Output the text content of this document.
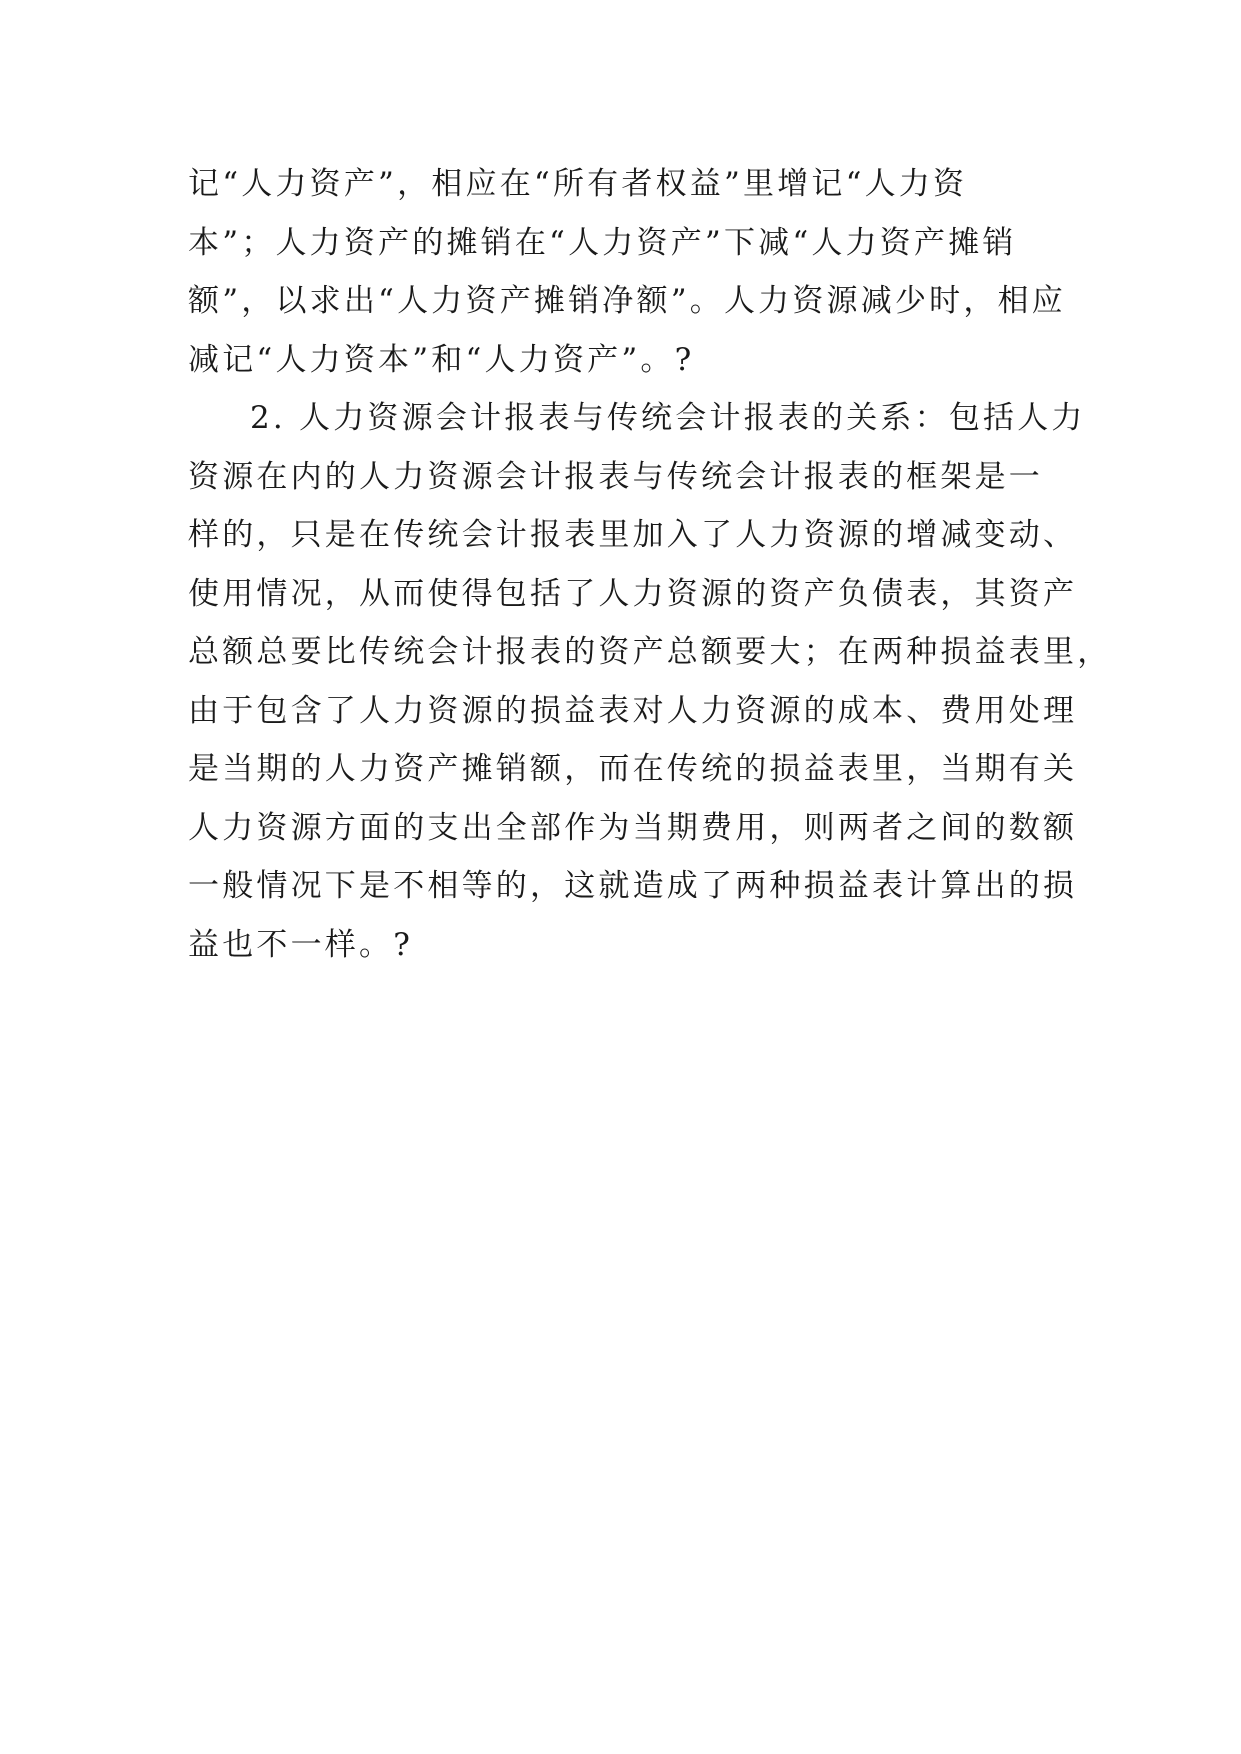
记“人力资产”，相应在“所有者权益”里增记“人力资
本”；人力资产的摊销在“人力资产”下减“人力资产摊销
额”，以求出“人力资产摊销净额”。人力资源减少时，相应
减记“人力资本”和“人力资产”。?
2. 人力资源会计报表与传统会计报表的关系：包括人力
资源在内的人力资源会计报表与传统会计报表的框架是一
样的，只是在传统会计报表里加入了人力资源的增减变动、
使用情况，从而使得包括了人力资源的资产负债表，其资产
总额总要比传统会计报表的资产总额要大；在两种损益表里，
由于包含了人力资源的损益表对人力资源的成本、费用处理
是当期的人力资产摊销额，而在传统的损益表里，当期有关
人力资源方面的支出全部作为当期费用，则两者之间的数额
一般情况下是不相等的，这就造成了两种损益表计算出的损
益也不一样。?
